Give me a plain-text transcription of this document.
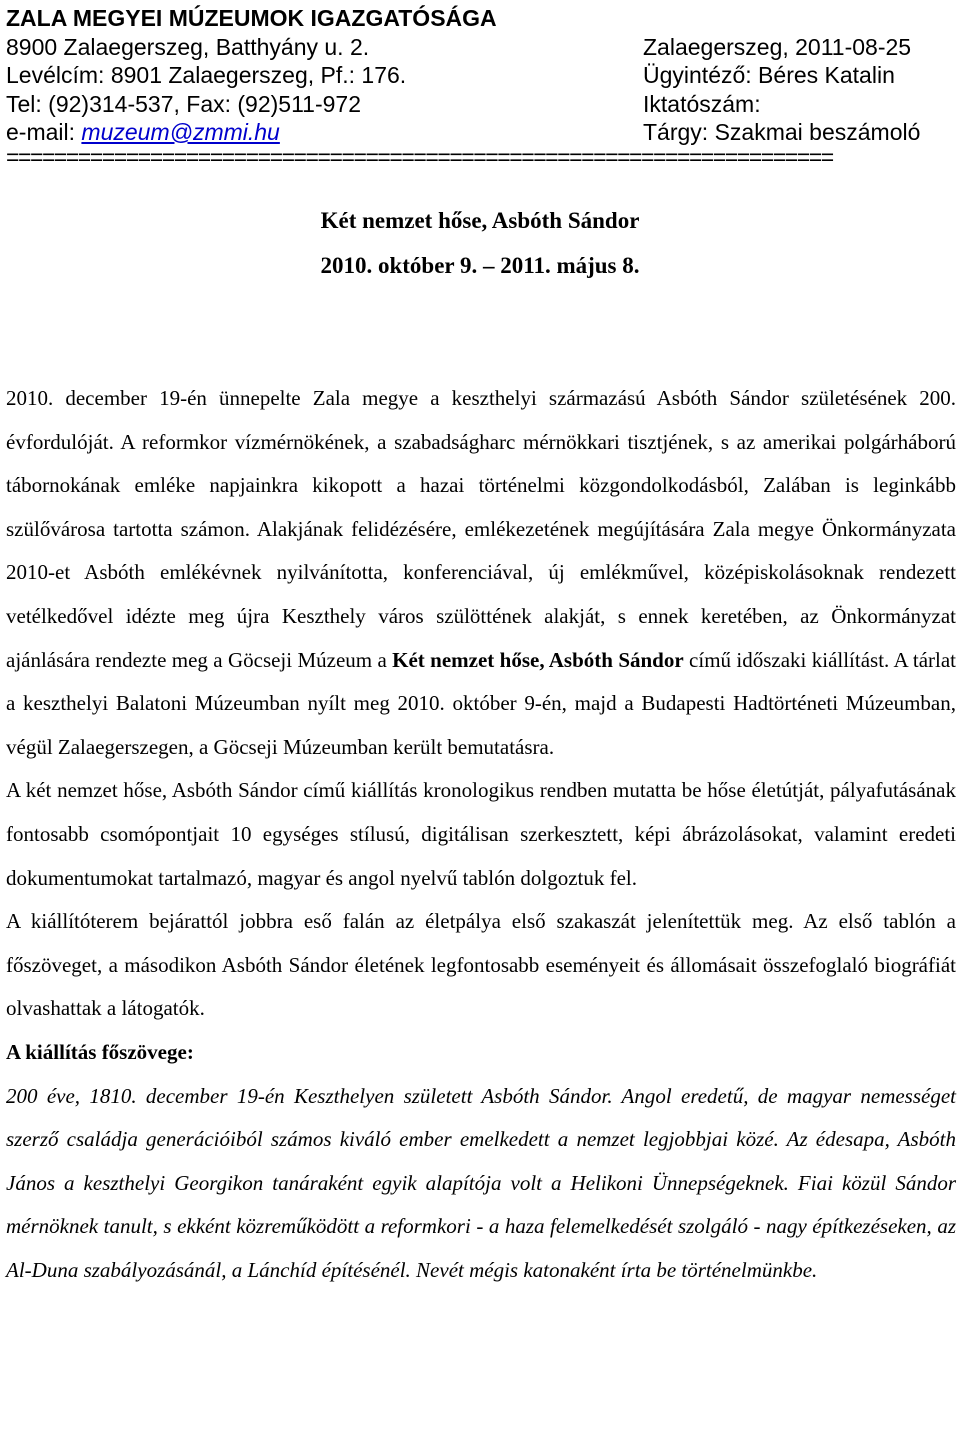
ZALA MEGYEI MÚZEUMOK IGAZGATÓSÁGA
8900 Zalaegerszeg, Batthyány u. 2.	Zalaegerszeg, 2011-08-25
Levélcím: 8901 Zalaegerszeg, Pf.: 176.	Ügyintéző: Béres Katalin
Tel: (92)314-537, Fax: (92)511-972	Iktatószám:
e-mail: muzeum@zmmi.hu	Tárgy: Szakmai beszámoló
=====================================================================
Két nemzet hőse, Asbóth Sándor
2010. október 9. – 2011. május 8.

2010. december 19-én ünnepelte Zala megye a keszthelyi származású Asbóth Sándor születésének 200. évfordulóját. A reformkor vízmérnökének, a szabadságharc mérnökkari tisztjének, s az amerikai polgárháború tábornokának emléke napjainkra kikopott a hazai történelmi közgondolkodásból, Zalában is leginkább szülővárosa tartotta számon. Alakjának felidézésére, emlékezetének megújítására Zala megye Önkormányzata 2010-et Asbóth emlékévnek nyilvánította, konferenciával, új emlékművel, középiskolásoknak rendezett vetélkedővel idézte meg újra Keszthely város szülöttének alakját, s ennek keretében, az Önkormányzat ajánlására rendezte meg a Göcseji Múzeum a Két nemzet hőse, Asbóth Sándor című időszaki kiállítást. A tárlat a keszthelyi Balatoni Múzeumban nyílt meg 2010. október 9-én, majd a Budapesti Hadtörténeti Múzeumban, végül Zalaegerszegen, a Göcseji Múzeumban került bemutatásra.

A két nemzet hőse, Asbóth Sándor című kiállítás kronologikus rendben mutatta be hőse életútját, pályafutásának fontosabb csomópontjait 10 egységes stílusú, digitálisan szerkesztett, képi ábrázolásokat, valamint eredeti dokumentumokat tartalmazó, magyar és angol nyelvű tablón dolgoztuk fel.

A kiállítóterem bejárattól jobbra eső falán az életpálya első szakaszát jelenítettük meg. Az első tablón a főszöveget, a másodikon Asbóth Sándor életének legfontosabb eseményeit és állomásait összefoglaló biográfiát olvashattak a látogatók.

A kiállítás főszövege:

200 éve, 1810. december 19-én Keszthelyen született Asbóth Sándor. Angol eredetű, de magyar nemességet szerző családja generációiból számos kiváló ember emelkedett a nemzet legjobbjai közé. Az édesapa, Asbóth János a keszthelyi Georgikon tanáraként egyik alapítója volt a Helikoni Ünnepségeknek. Fiai közül Sándor mérnöknek tanult, s ekként közreműködött a reformkori - a haza felemelkedését szolgáló - nagy építkezéseken, az Al-Duna szabályozásánál, a Lánchíd építésénél. Nevét mégis katonaként írta be történelmünkbe.
